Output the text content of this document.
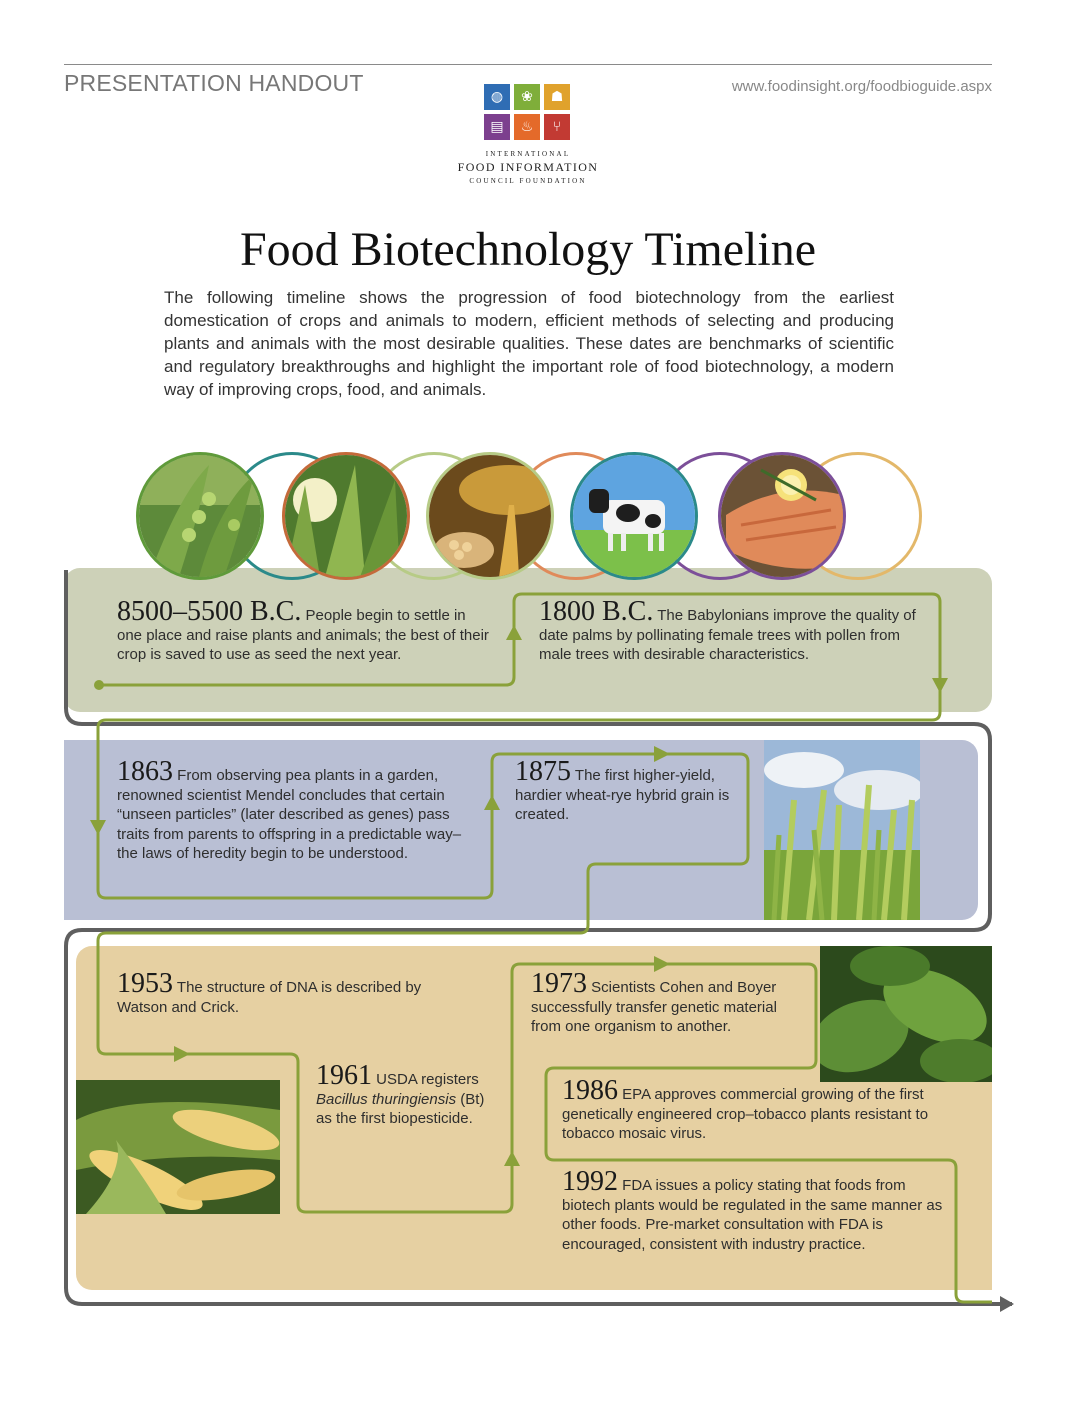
PRESENTATION HANDOUT	www.foodinsight.org/foodbioguide.aspx
◍	❀	☗
▤	♨	⑂
INTERNATIONAL
FOOD INFORMATION
COUNCIL FOUNDATION
Food Biotechnology Timeline
The following timeline shows the progression of food biotechnology from the earliest domestication of crops and animals to modern, efficient methods of selecting and producing plants and animals with the most desirable qualities. These dates are benchmarks of scientific and regulatory breakthroughs and highlight the important role of food biotechnology, a modern way of improving crops, food, and animals.
8500–5500 B.C. People begin to settle in one place and raise plants and animals; the best of their crop is saved to use as seed the next year.
1800 B.C. The Babylonians improve the quality of date palms by pollinating female trees with pollen from male trees with desirable characteristics.
1863 From observing pea plants in a garden, renowned scientist Mendel concludes that certain “unseen particles” (later described as genes) pass traits from parents to offspring in a predictable way–the laws of heredity begin to be understood.
1875 The first higher-yield, hardier wheat-rye hybrid grain is created.
1953 The structure of DNA is described by Watson and Crick.
1961 USDA registers Bacillus thuringiensis (Bt) as the first biopesticide.
1973 Scientists Cohen and Boyer successfully transfer genetic material from one organism to another.
1986 EPA approves commercial growing of the first genetically engineered crop–tobacco plants resistant to tobacco mosaic virus.
1992 FDA issues a policy stating that foods from biotech plants would be regulated in the same manner as other foods. Pre-market consultation with FDA is encouraged, consistent with industry practice.
